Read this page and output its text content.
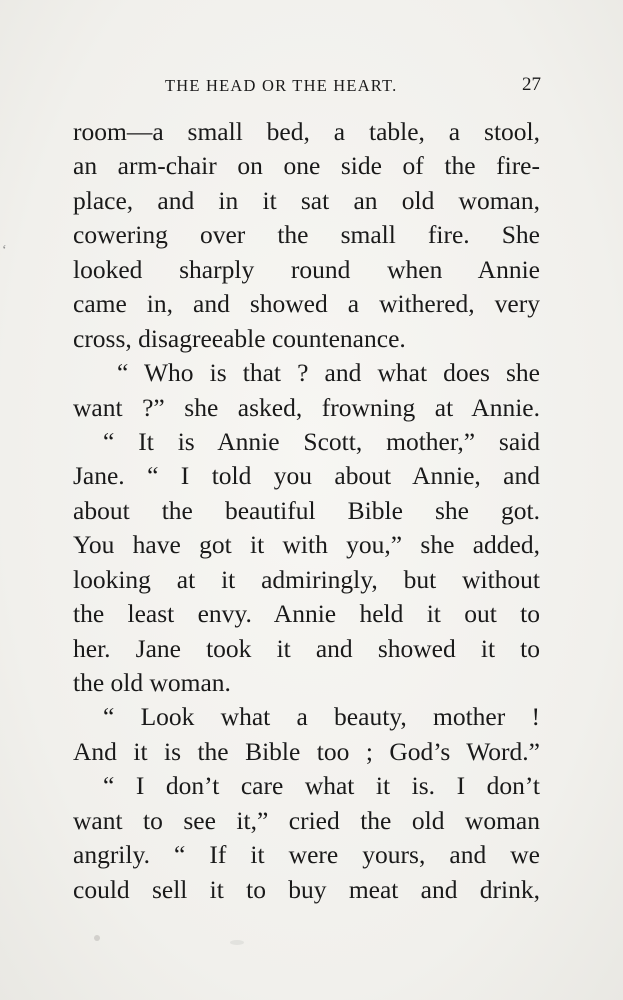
THE HEAD OR THE HEART.	27
room—a small bed, a table, a stool,
an arm-chair on one side of the fire-
place, and in it sat an old woman,
cowering over the small fire. She
looked sharply round when Annie
came in, and showed a withered, very
cross, disagreeable countenance.
“ Who is that ? and what does she
want ?” she asked, frowning at Annie.
“ It is Annie Scott, mother,” said
Jane. “ I told you about Annie, and
about the beautiful Bible she got.
You have got it with you,” she added,
looking at it admiringly, but without
the least envy. Annie held it out to
her. Jane took it and showed it to
the old woman.
“ Look what a beauty, mother !
And it is the Bible too ; God’s Word.”
“ I don’t care what it is. I don’t
want to see it,” cried the old woman
angrily. “ If it were yours, and we
could sell it to buy meat and drink,
ʻ
